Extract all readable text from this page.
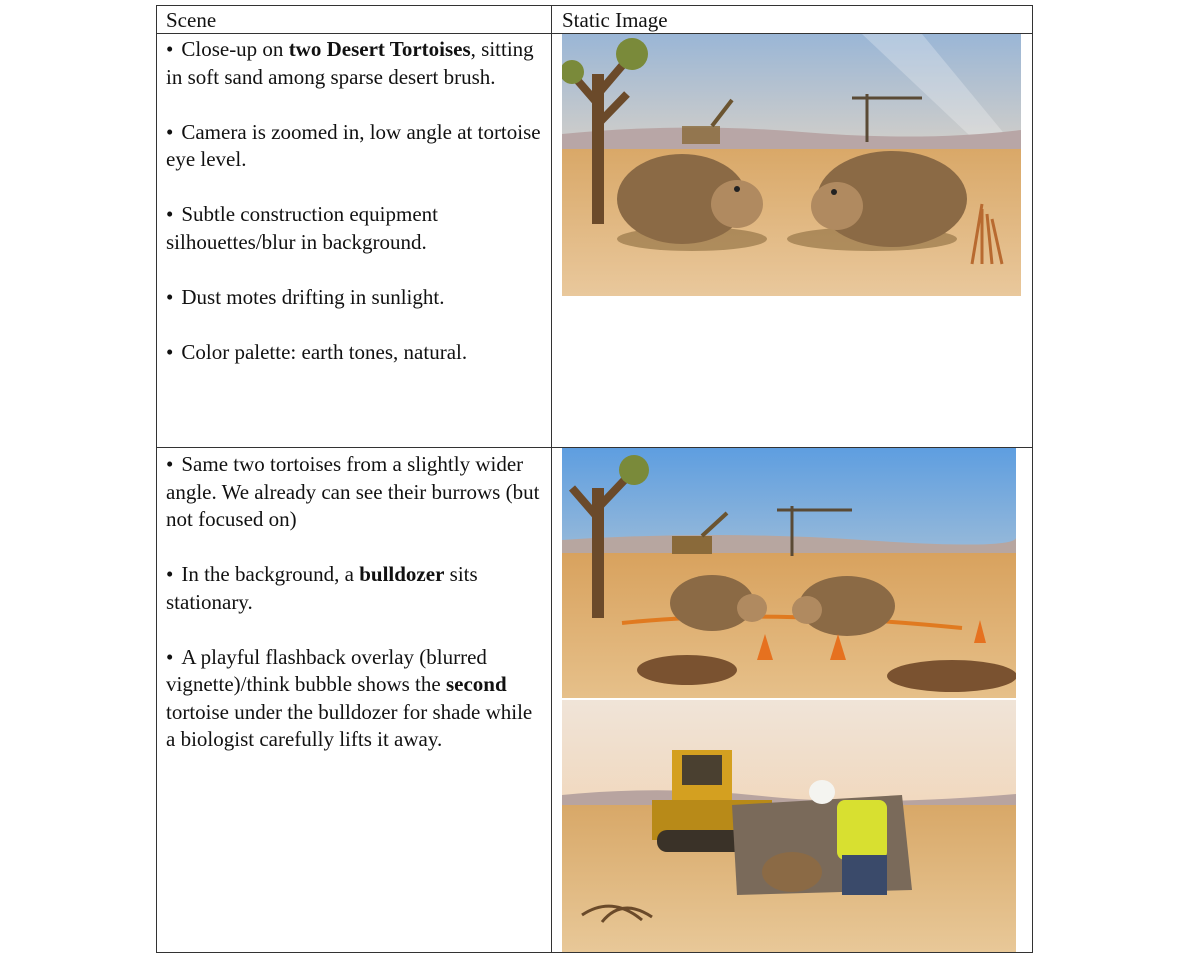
Scene	Static Image

• Close-up on two Desert Tortoises, sitting in soft sand among sparse desert brush.

• Camera is zoomed in, low angle at tortoise eye level.

• Subtle construction equipment silhouettes/blur in background.

• Dust motes drifting in sunlight.

• Color palette: earth tones, natural.

• Same two tortoises from a slightly wider angle. We already can see their burrows (but not focused on)

• In the background, a bulldozer sits stationary.

• A playful flashback overlay (blurred vignette)/think bubble shows the second tortoise under the bulldozer for shade while a biologist carefully lifts it away.
